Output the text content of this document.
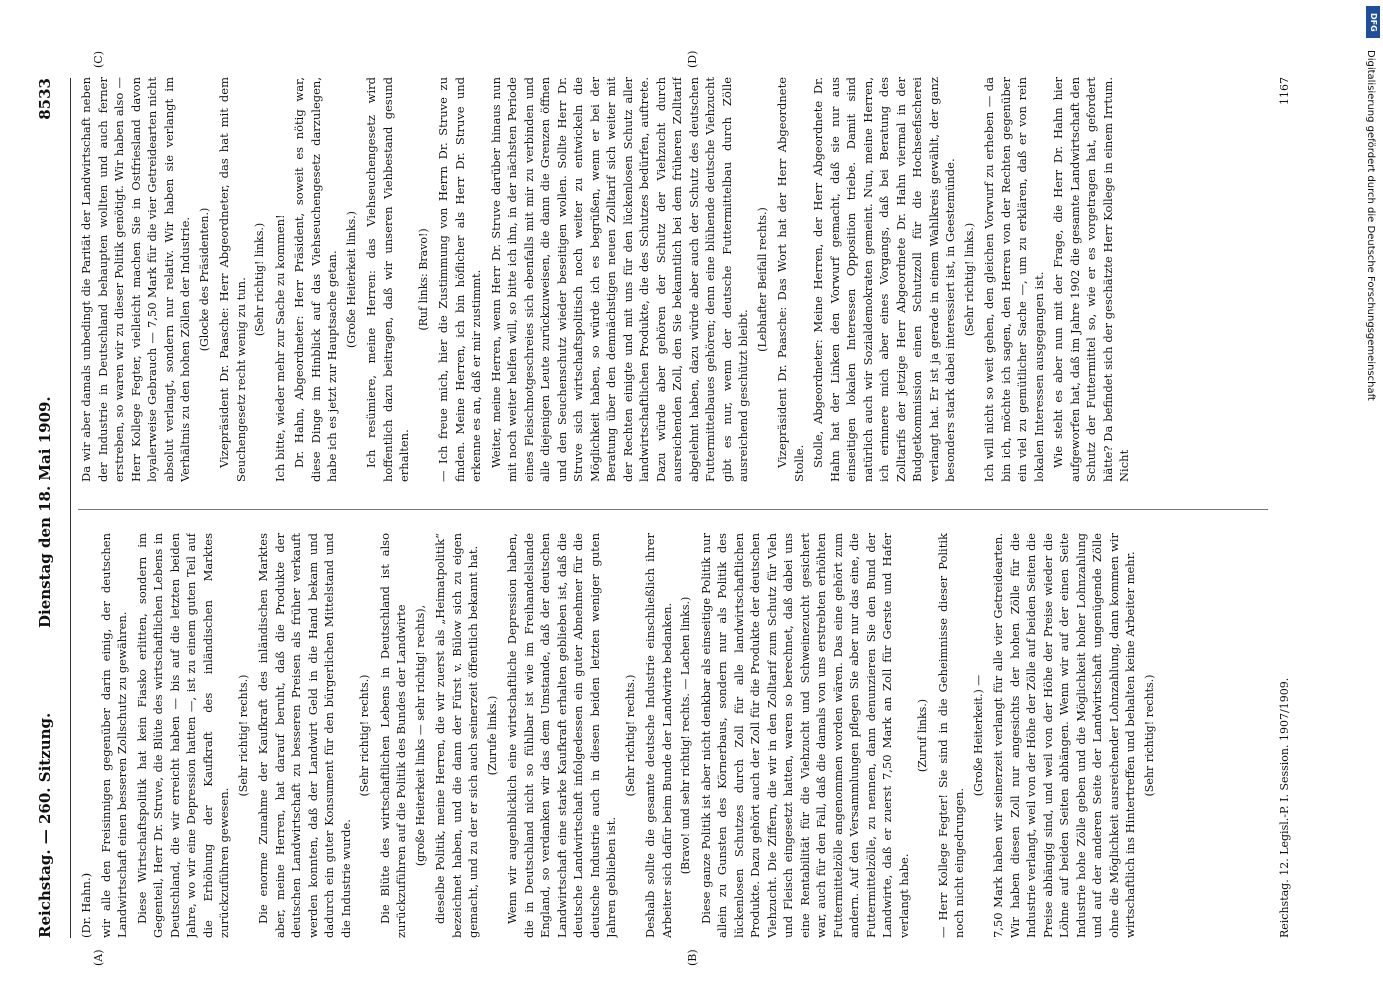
Reichstag. — 260. Sitzung.
Dienstag den 18. Mai 1909.
8533
(A)	(B)
(C)	(D)

(Dr. Hahn.) wir alle den Freisinnigen gegenüber darin einig, der deutschen Landwirtschaft einen besseren Zollschutz zu gewähren. Diese Wirtschaftspolitik hat kein Fiasko erlitten, sondern im Gegenteil, Herr Dr. Struve, die Blüte des wirtschaftlichen Lebens in Deutschland, die wir erreicht haben — bis auf die letzten beiden Jahre, wo wir eine Depression hatten —, ist zu einem guten Teil auf die Erhöhung der Kaufkraft des inländischen Marktes zurückzuführen gewesen.

(Sehr richtig! rechts.) Die enorme Zunahme der Kaufkraft des inländischen Marktes aber, meine Herren, hat darauf beruht, daß die Produkte der deutschen Landwirtschaft zu besseren Preisen als früher verkauft werden konnten, daß der Landwirt Geld in die Hand bekam und dadurch ein guter Konsument für den bürgerlichen Mittelstand und die Industrie wurde.

(Sehr richtig! rechts.) Die Blüte des wirtschaftlichen Lebens in Deutschland ist also zurückzuführen auf die Politik des Bundes der Landwirte (große Heiterkeit links — sehr richtig! rechts), dieselbe Politik, meine Herren, die wir zuerst als „Heimatpolitik“ bezeichnet haben, und die dann der Fürst v. Bülow sich zu eigen gemacht, und zu der er sich auch seinerzeit öffentlich bekannt hat. (Zurufe links.) Wenn wir augenblicklich eine wirtschaftliche Depression haben, die in Deutschland nicht so fühlbar ist wie im Freihandelslande England, so verdanken wir das dem Umstande, daß der deutschen Landwirtschaft eine starke Kaufkraft erhalten geblieben ist, daß die deutsche Landwirtschaft infolgedessen ein guter Abnehmer für die deutsche Industrie auch in diesen beiden letzten weniger guten Jahren geblieben ist.

(Sehr richtig! rechts.) Deshalb sollte die gesamte deutsche Industrie einschließlich ihrer Arbeiter sich dafür beim Bunde der Landwirte bedanken. (Bravo! und sehr richtig! rechts. — Lachen links.) Diese ganze Politik ist aber nicht denkbar als einseitige Politik nur allein zu Gunsten des Körnerbaus, sondern nur als Politik des lückenlosen Schutzes durch Zoll für alle landwirtschaftlichen Produkte. Dazu gehört auch der Zoll für die Produkte der deutschen Viehzucht. Die Ziffern, die wir in den Zolltarif zum Schutz für Vieh und Fleisch eingesetzt hatten, waren so berechnet, daß dabei uns eine Rentabilität für die Viehzucht und Schweinezucht gesichert war, auch für den Fall, daß die damals von uns erstrebten erhöhten Futtermittelzölle angenommen worden wären. Das eine gehört zum andern. Auf den Versammlungen pflegen Sie aber nur das eine, die Futtermittelzölle, zu nennen, dann denunzieren Sie den Bund der Landwirte, daß er zuerst 7,50 Mark an Zoll für Gerste und Hafer verlangt habe.

(Zuruf links.) — Herr Kollege Fegter! Sie sind in die Geheimnisse dieser Politik noch nicht eingedrungen.

(Große Heiterkeit.) — 7,50 Mark haben wir seinerzeit verlangt für alle vier Getreidearten. Wir haben diesen Zoll nur angesichts der hohen Zölle für die Industrie verlangt, weil von der Höhe der Zölle auf beiden Seiten die Preise abhängig sind, und weil von der Höhe der Preise wieder die Löhne auf beiden Seiten abhängen. Wenn wir auf der einen Seite Industrie hohe Zölle geben und die Möglichkeit hoher Lohnzahlung und auf der anderen Seite der Landwirtschaft ungenügende Zölle ohne die Möglichkeit ausreichender Lohnzahlung, dann kommen wir wirtschaftlich ins Hintertreffen und behalten keine Arbeiter mehr. (Sehr richtig! rechts.)

Da wir aber damals unbedingt die Parität der Landwirtschaft neben der Industrie in Deutschland behaupten wollten und auch ferner erstreben, so waren wir zu dieser Politik genötigt. Wir haben also — Herr Kollege Fegter, vielleicht machen Sie in Ostfriesland davon loyalerweise Gebrauch — 7,50 Mark für die vier Getreidearten nicht absolut verlangt, sondern nur relativ. Wir haben sie verlangt im Verhältnis zu den hohen Zöllen der Industrie. (Glocke des Präsidenten.) Vizepräsident Dr. Paasche: Herr Abgeordneter, das hat mit dem Seuchengesetz recht wenig zu tun. (Sehr richtig! links.) Ich bitte, wieder mehr zur Sache zu kommen! Dr. Hahn, Abgeordneter: Herr Präsident, soweit es nötig war, diese Dinge im Hinblick auf das Viehseuchengesetz darzulegen, habe ich es jetzt zur Hauptsache getan. (Große Heiterkeit links.) Ich resümiere, meine Herren: das Viehseuchengesetz wird hoffentlich dazu beitragen, daß wir unseren Viehbestand gesund erhalten.

(Ruf links: Bravo!) — Ich freue mich, hier die Zustimmung von Herrn Dr. Struve zu finden. Meine Herren, ich bin höflicher als Herr Dr. Struve und erkenne es an, daß er mir zustimmt. Weiter, meine Herren, wenn Herr Dr. Struve darüber hinaus nun mit noch weiter helfen will, so bitte ich ihn, in der nächsten Periode eines Fleischnotgeschreies sich ebenfalls mit mir zu verbinden und alle diejenigen Leute zurückzuweisen, die dann die Grenzen öffnen und den Seuchenschutz wieder beseitigen wollen. Sollte Herr Dr. Struve sich wirtschaftspolitisch noch weiter zu entwickeln die Möglichkeit haben, so würde ich es begrüßen, wenn er bei der Beratung über den demnächstigen neuen Zolltarif sich weiter mit der Rechten einigte und mit uns für den lückenlosen Schutz aller landwirtschaftlichen Produkte, die des Schutzes bedürfen, auftrete. Dazu würde aber gehören der Schutz der Viehzucht durch ausreichenden Zoll, den Sie bekanntlich bei dem früheren Zolltarif abgelehnt haben, dazu würde aber auch der Schutz des deutschen Futtermittelbaues gehören; denn eine blühende deutsche Viehzucht gibt es nur, wenn der deutsche Futtermittelbau durch Zölle ausreichend geschützt bleibt.

(Lebhafter Beifall rechts.) Vizepräsident Dr. Paasche: Das Wort hat der Herr Abgeordnete Stolle. Stolle, Abgeordneter: Meine Herren, der Herr Abgeordnete Dr. Hahn hat der Linken den Vorwurf gemacht, daß sie nur aus einseitigen lokalen Interessen Opposition triebe. Damit sind natürlich auch wir Sozialdemokraten gemeint. Nun, meine Herren, ich erinnere mich aber eines Vorgangs, daß bei Beratung des Zolltarifs der jetzige Herr Abgeordnete Dr. Hahn viermal in der Budgetkommission einen Schutzzoll für die Hochseefischerei verlangt hat. Er ist ja gerade in einem Wahlkreis gewählt, der ganz besonders stark dabei interessiert ist, in Geestemünde. (Sehr richtig! links.) Ich will nicht so weit gehen, den gleichen Vorwurf zu erheben — da bin ich, möchte ich sagen, den Herren von der Rechten gegenüber ein viel zu gemütlicher Sache —, um zu erklären, daß er von rein lokalen Interessen ausgegangen ist. Wie steht es aber nun mit der Frage, die Herr Dr. Hahn hier aufgeworfen hat, daß im Jahre 1902 die gesamte Landwirtschaft den Schutz der Futtermittel so, wie er es vorgetragen hat, gefordert hätte? Da befindet sich der geschätzte Herr Kollege in einem Irrtum. Nicht

Reichstag. 12. Legisl.-P. I. Session. 1907/1909.
1167	Digitalisierung gefördert durch die Deutsche Forschungsgemeinschaft
DFG
